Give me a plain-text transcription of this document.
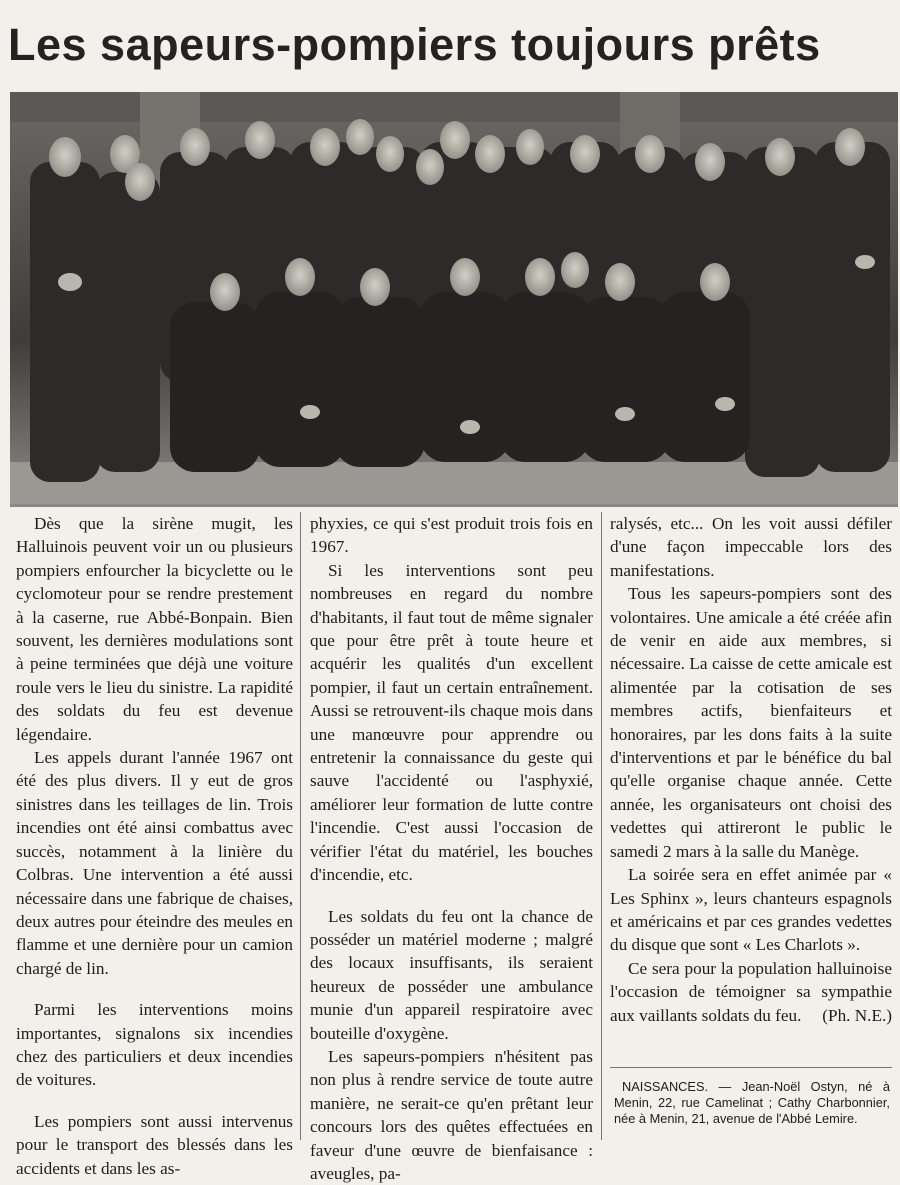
Les sapeurs-pompiers toujours prêts

Dès que la sirène mugit, les Halluinois peuvent voir un ou plusieurs pompiers enfourcher la bicyclette ou le cyclomoteur pour se rendre prestement à la caserne, rue Abbé-Bonpain. Bien souvent, les dernières modulations sont à peine terminées que déjà une voiture roule vers le lieu du sinistre. La rapidité des soldats du feu est devenue légendaire.

Les appels durant l'année 1967 ont été des plus divers. Il y eut de gros sinistres dans les teillages de lin. Trois incendies ont été ainsi combattus avec succès, notamment à la linière du Colbras. Une intervention a été aussi nécessaire dans une fabrique de chaises, deux autres pour éteindre des meules en flamme et une dernière pour un camion chargé de lin.

Parmi les interventions moins importantes, signalons six incendies chez des particuliers et deux incendies de voitures.

Les pompiers sont aussi intervenus pour le transport des blessés dans les accidents et dans les as-

phyxies, ce qui s'est produit trois fois en 1967.

Si les interventions sont peu nombreuses en regard du nombre d'habitants, il faut tout de même signaler que pour être prêt à toute heure et acquérir les qualités d'un excellent pompier, il faut un certain entraînement. Aussi se retrouvent-ils chaque mois dans une manœuvre pour apprendre ou entretenir la connaissance du geste qui sauve l'accidenté ou l'asphyxié, améliorer leur formation de lutte contre l'incendie. C'est aussi l'occasion de vérifier l'état du matériel, les bouches d'incendie, etc.

Les soldats du feu ont la chance de posséder un matériel moderne ; malgré des locaux insuffisants, ils seraient heureux de posséder une ambulance munie d'un appareil respiratoire avec bouteille d'oxygène.

Les sapeurs-pompiers n'hésitent pas non plus à rendre service de toute autre manière, ne serait-ce qu'en prêtant leur concours lors des quêtes effectuées en faveur d'une œuvre de bienfaisance : aveugles, pa-

ralysés, etc... On les voit aussi défiler d'une façon impeccable lors des manifestations.

Tous les sapeurs-pompiers sont des volontaires. Une amicale a été créée afin de venir en aide aux membres, si nécessaire. La caisse de cette amicale est alimentée par la cotisation de ses membres actifs, bienfaiteurs et honoraires, par les dons faits à la suite d'interventions et par le bénéfice du bal qu'elle organise chaque année. Cette année, les organisateurs ont choisi des vedettes qui attireront le public le samedi 2 mars à la salle du Manège.

La soirée sera en effet animée par « Les Sphinx », leurs chanteurs espagnols et américains et par ces grandes vedettes du disque que sont « Les Charlots ».

Ce sera pour la population halluinoise l'occasion de témoigner sa sympathie aux vaillants soldats du feu.	(Ph. N.E.)

NAISSANCES. — Jean-Noël Ostyn, né à Menin, 22, rue Camelinat ; Cathy Charbonnier, née à Menin, 21, avenue de l'Abbé Lemire.
